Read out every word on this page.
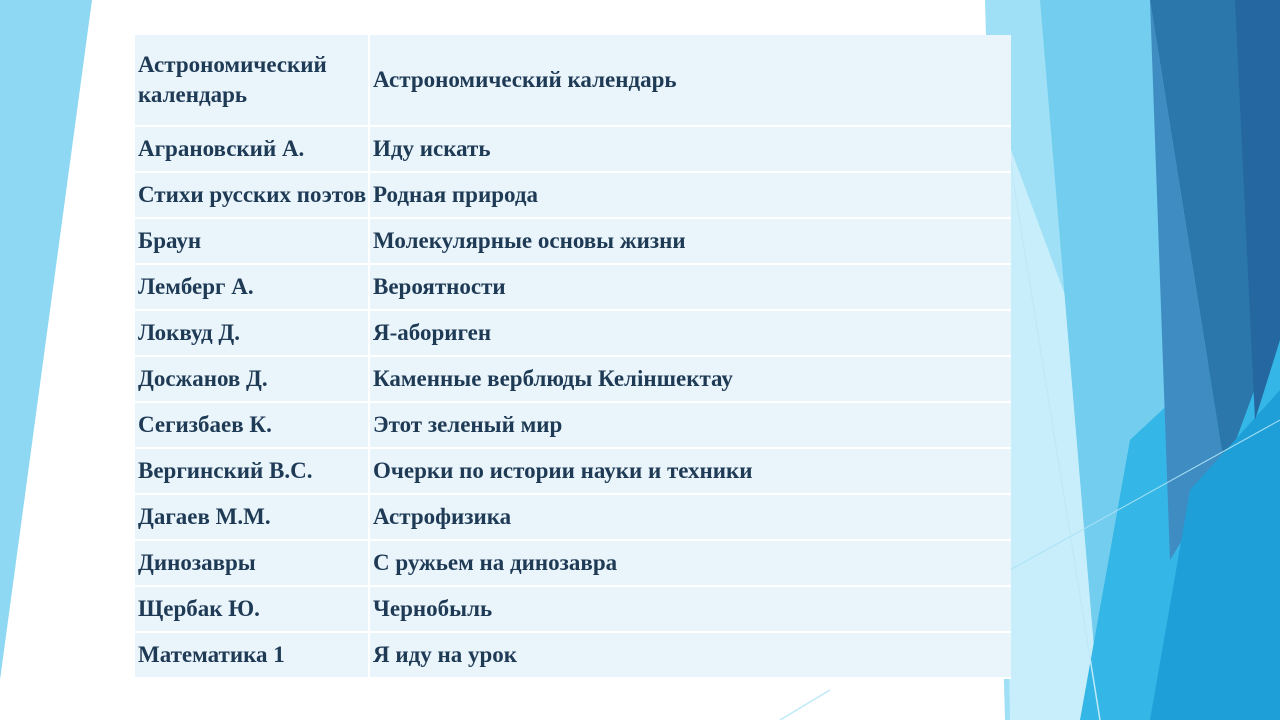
Астрономический календарь	Астрономический календарь
Аграновский А.	Иду искать
Стихи русских поэтов	Родная природа
Браун	Молекулярные основы жизни
Лемберг А.	Вероятности
Локвуд Д.	Я-абориген
Досжанов Д.	Каменные верблюды Келiншектау
Сегизбаев К.	Этот зеленый мир
Вергинский В.С.	Очерки по истории науки и техники
Дагаев М.М.	Астрофизика
Динозавры	С ружьем на динозавра
Щербак Ю.	Чернобыль
Математика 1	Я иду на урок
